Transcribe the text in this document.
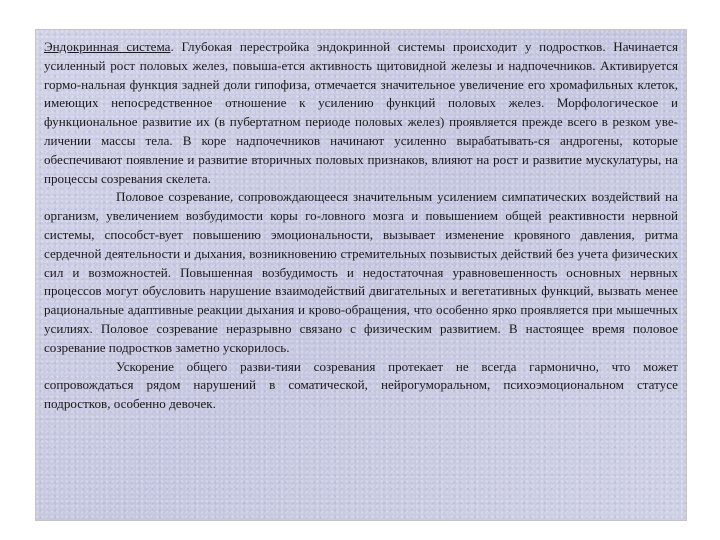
Эндокринная система. Глубокая перестройка эндокринной системы происходит у подростков. Начинается усиленный рост половых желез, повыша-ется активность щитовидной железы и надпочечников. Активируется гормо-нальная функция задней доли гипофиза, отмечается значительное увеличение его хромафильных клеток, имеющих непосредственное отношение к усилению функций половых желез. Морфологическое и функциональное развитие их (в пубертатном периоде половых желез) проявляется прежде всего в резком уве-личении массы тела. В коре надпочечников начинают усиленно вырабатывать-ся андрогены, которые обеспечивают появление и развитие вторичных половых признаков, влияют на рост и развитие мускулатуры, на процессы созревания скелета.

Половое созревание, сопровождающееся значительным усилением симпатических воздействий на организм, увеличением возбудимости коры го-ловного мозга и повышением общей реактивности нервной системы, способст-вует повышению эмоциональности, вызывает изменение кровяного давления, ритма сердечной деятельности и дыхания, возникновению стремительных позывистых действий без учета физических сил и возможностей. Повышенная возбудимость и недостаточная уравновешенность основных нервных процессов могут обусловить нарушение взаимодействий двигательных и вегетативных функций, вызвать менее рациональные адаптивные реакции дыхания и крово-обращения, что особенно ярко проявляется при мышечных усилиях. Половое созревание неразрывно связано с физическим развитием. В настоящее время половое созревание подростков заметно ускорилось.

Ускорение общего разви-тияи созревания протекает не всегда гармонично, что может сопровождаться рядом нарушений в соматической, нейрогуморальном, психоэмоциональном статусе подростков, особенно девочек.
